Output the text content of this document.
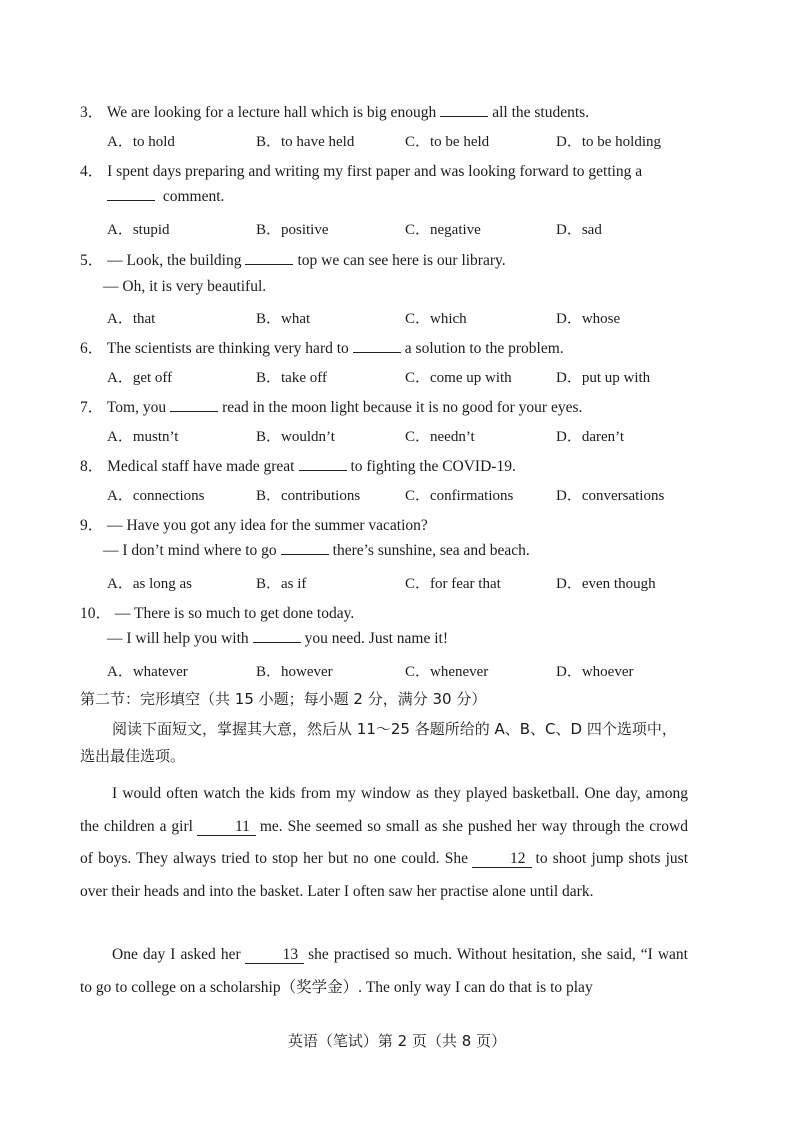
3． We are looking for a lecture hall which is big enough	all the students.
A．to hold	B．to have held	C．to be held	D．to be holding
4． I spent days preparing and writing my first paper and was looking forward to getting a
comment.
A．stupid	B．positive	C．negative	D．sad
5． — Look, the building	top we can see here is our library.
— Oh, it is very beautiful.
A．that	B．what	C．which	D．whose
6． The scientists are thinking very hard to	a solution to the problem.
A．get off	B．take off	C．come up with	D．put up with
7． Tom, you	read in the moon light because it is no good for your eyes.
A．mustn’t	B．wouldn’t	C．needn’t	D．daren’t
8． Medical staff have made great	to fighting the COVID-19.
A．connections	B．contributions	C．confirmations	D．conversations
9． — Have you got any idea for the summer vacation?
— I don’t mind where to go	there’s sunshine, sea and beach.
A．as long as	B．as if	C．for fear that	D．even though
10． — There is so much to get done today.
— I will help you with	you need. Just name it!
A．whatever	B．however	C．whenever	D．whoever
第二节：完形填空（共 15 小题；每小题 2 分，满分 30 分）
阅读下面短文，掌握其大意，然后从 11～25 各题所给的 A、B、C、D 四个选项中，
选出最佳选项。
I would often watch the kids from my window as they played basketball. One day, among the children a girl	11 me. She seemed so small as she pushed her way through the crowd of boys. They always tried to stop her but no one could. She	12 to shoot jump shots just over their heads and into the basket. Later I often saw her practise alone until dark.
One day I asked her	13 she practised so much. Without hesitation, she said, “I want to go to college on a scholarship（奖学金）. The only way I can do that is to play
英语（笔试）第 2 页（共 8 页）
